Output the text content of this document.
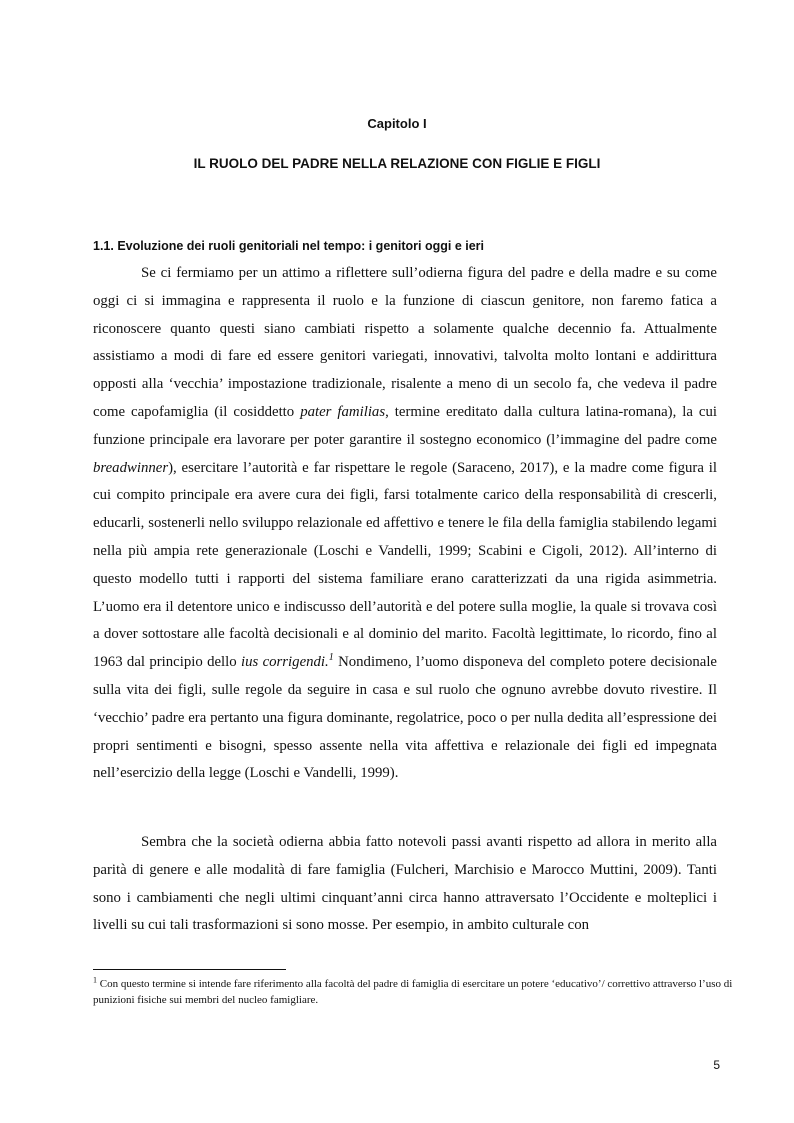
Capitolo I
IL RUOLO DEL PADRE NELLA RELAZIONE CON FIGLIE E FIGLI
1.1. Evoluzione dei ruoli genitoriali nel tempo: i genitori oggi e ieri

Se ci fermiamo per un attimo a riflettere sull’odierna figura del padre e della madre e su come oggi ci si immagina e rappresenta il ruolo e la funzione di ciascun genitore, non faremo fatica a riconoscere quanto questi siano cambiati rispetto a solamente qualche decennio fa. Attualmente assistiamo a modi di fare ed essere genitori variegati, innovativi, talvolta molto lontani e addirittura opposti alla ‘vecchia’ impostazione tradizionale, risalente a meno di un secolo fa, che vedeva il padre come capofamiglia (il cosiddetto pater familias, termine ereditato dalla cultura latina-romana), la cui funzione principale era lavorare per poter garantire il sostegno economico (l’immagine del padre come breadwinner), esercitare l’autorità e far rispettare le regole (Saraceno, 2017), e la madre come figura il cui compito principale era avere cura dei figli, farsi totalmente carico della responsabilità di crescerli, educarli, sostenerli nello sviluppo relazionale ed affettivo e tenere le fila della famiglia stabilendo legami nella più ampia rete generazionale (Loschi e Vandelli, 1999; Scabini e Cigoli, 2012). All’interno di questo modello tutti i rapporti del sistema familiare erano caratterizzati da una rigida asimmetria. L’uomo era il detentore unico e indiscusso dell’autorità e del potere sulla moglie, la quale si trovava così a dover sottostare alle facoltà decisionali e al dominio del marito. Facoltà legittimate, lo ricordo, fino al 1963 dal principio dello ius corrigendi.$^1$ Nondimeno, l’uomo disponeva del completo potere decisionale sulla vita dei figli, sulle regole da seguire in casa e sul ruolo che ognuno avrebbe dovuto rivestire. Il ‘vecchio’ padre era pertanto una figura dominante, regolatrice, poco o per nulla dedita all’espressione dei propri sentimenti e bisogni, spesso assente nella vita affettiva e relazionale dei figli ed impegnata nell’esercizio della legge (Loschi e Vandelli, 1999).

Sembra che la società odierna abbia fatto notevoli passi avanti rispetto ad allora in merito alla parità di genere e alle modalità di fare famiglia (Fulcheri, Marchisio e Marocco Muttini, 2009). Tanti sono i cambiamenti che negli ultimi cinquant’anni circa hanno attraversato l’Occidente e molteplici i livelli su cui tali trasformazioni si sono mosse. Per esempio, in ambito culturale con

$^1$ Con questo termine si intende fare riferimento alla facoltà del padre di famiglia di esercitare un potere ‘educativo’/ correttivo attraverso l’uso di punizioni fisiche sui membri del nucleo famigliare.

5
